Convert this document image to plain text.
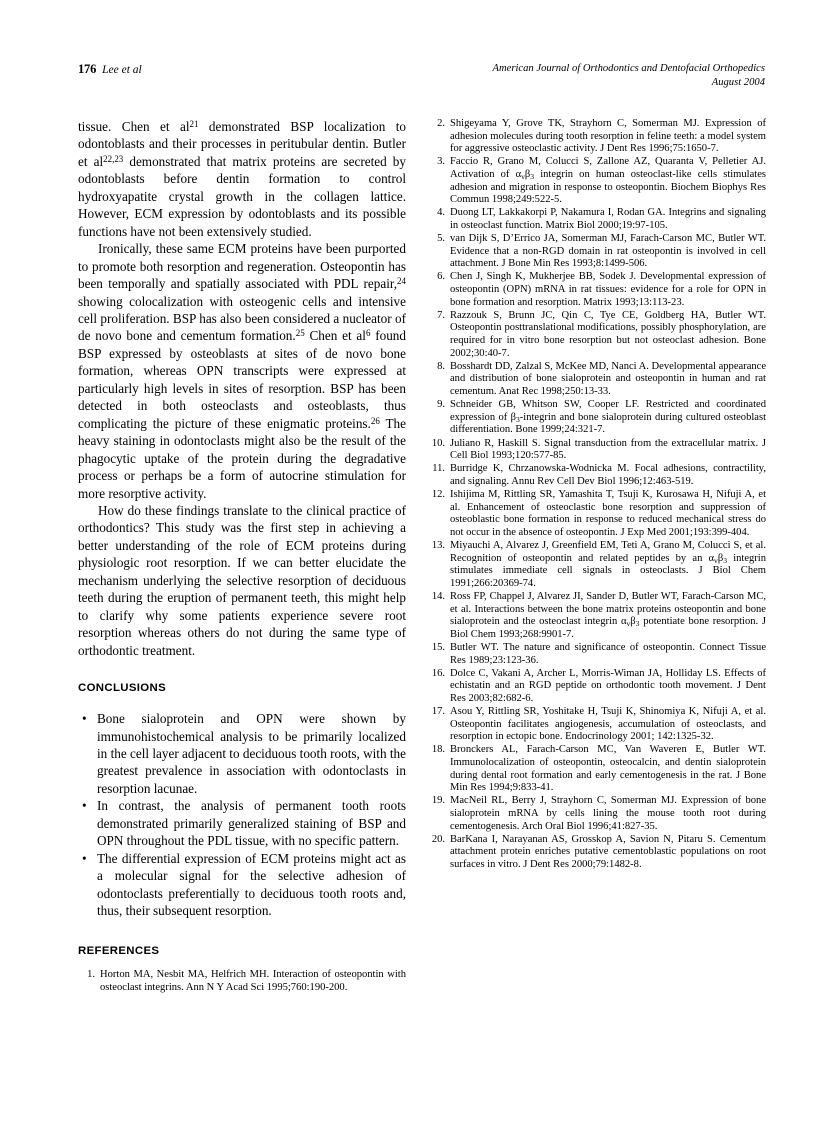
176 Lee et al	American Journal of Orthodontics and Dentofacial Orthopedics
August 2004

tissue. Chen et $al^{21}$ demonstrated BSP localization to odontoblasts and their processes in peritubular dentin. Butler et al$^{22,23}$ demonstrated that matrix proteins are secreted by odontoblasts before dentin formation to control hydroxyapatite crystal growth in the collagen lattice. However, ECM expression by odontoblasts and its possible functions have not been extensively studied.

Ironically, these same ECM proteins have been purported to promote both resorption and regeneration. Osteopontin has been temporally and spatially associated with PDL repair,$^{24}$ showing colocalization with osteogenic cells and intensive cell proliferation. BSP has also been considered a nucleator of de novo bone and cementum formation.$^{25}$ Chen et $al^6$ found BSP expressed by osteoblasts at sites of de novo bone formation, whereas OPN transcripts were expressed at particularly high levels in sites of resorption. BSP has been detected in both osteoclasts and osteoblasts, thus complicating the picture of these enigmatic proteins.$^{26}$ The heavy staining in odontoclasts might also be the result of the phagocytic uptake of the protein during the degradative process or perhaps be a form of autocrine stimulation for more resorptive activity.

How do these findings translate to the clinical practice of orthodontics? This study was the first step in achieving a better understanding of the role of ECM proteins during physiologic root resorption. If we can better elucidate the mechanism underlying the selective resorption of deciduous teeth during the eruption of permanent teeth, this might help to clarify why some patients experience severe root resorption whereas others do not during the same type of orthodontic treatment.

CONCLUSIONS
• Bone sialoprotein and OPN were shown by immunohistochemical analysis to be primarily localized in the cell layer adjacent to deciduous tooth roots, with the greatest prevalence in association with odontoclasts in resorption lacunae.
• In contrast, the analysis of permanent tooth roots demonstrated primarily generalized staining of BSP and OPN throughout the PDL tissue, with no specific pattern.
• The differential expression of ECM proteins might act as a molecular signal for the selective adhesion of odontoclasts preferentially to deciduous tooth roots and, thus, their subsequent resorption.
REFERENCES
1. Horton MA, Nesbit MA, Helfrich MH. Interaction of osteopontin with osteoclast integrins. Ann N Y Acad Sci 1995;760:190-200.
2. Shigeyama Y, Grove TK, Strayhorn C, Somerman MJ. Expression of adhesion molecules during tooth resorption in feline teeth: a model system for aggressive osteoclastic activity. J Dent Res 1996;75:1650-7.
3. Faccio R, Grano M, Colucci S, Zallone AZ, Quaranta V, Pelletier AJ. Activation of $\alpha_v\beta_3$ integrin on human osteoclast-like cells stimulates adhesion and migration in response to osteopontin. Biochem Biophys Res Commun 1998;249:522-5.
4. Duong LT, Lakkakorpi P, Nakamura I, Rodan GA. Integrins and signaling in osteoclast function. Matrix Biol 2000;19:97-105.
5. van Dijk S, D’Errico JA, Somerman MJ, Farach-Carson MC, Butler WT. Evidence that a non-RGD domain in rat osteopontin is involved in cell attachment. J Bone Min Res 1993;8:1499-506.
6. Chen J, Singh K, Mukherjee BB, Sodek J. Developmental expression of osteopontin (OPN) mRNA in rat tissues: evidence for a role for OPN in bone formation and resorption. Matrix 1993;13:113-23.
7. Razzouk S, Brunn JC, Qin C, Tye CE, Goldberg HA, Butler WT. Osteopontin posttranslational modifications, possibly phosphorylation, are required for in vitro bone resorption but not osteoclast adhesion. Bone 2002;30:40-7.
8. Bosshardt DD, Zalzal S, McKee MD, Nanci A. Developmental appearance and distribution of bone sialoprotein and osteopontin in human and rat cementum. Anat Rec 1998;250:13-33.
9. Schneider GB, Whitson SW, Cooper LF. Restricted and coordinated expression of $\beta_3$-integrin and bone sialoprotein during cultured osteoblast differentiation. Bone 1999;24:321-7.
10. Juliano R, Haskill S. Signal transduction from the extracellular matrix. J Cell Biol 1993;120:577-85.
11. Burridge K, Chrzanowska-Wodnicka M. Focal adhesions, contractility, and signaling. Annu Rev Cell Dev Biol 1996;12:463-519.
12. Ishijima M, Rittling SR, Yamashita T, Tsuji K, Kurosawa H, Nifuji A, et al. Enhancement of osteoclastic bone resorption and suppression of osteoblastic bone formation in response to reduced mechanical stress do not occur in the absence of osteopontin. J Exp Med 2001;193:399-404.
13. Miyauchi A, Alvarez J, Greenfield EM, Teti A, Grano M, Colucci S, et al. Recognition of osteopontin and related peptides by an $\alpha_v\beta_3$ integrin stimulates immediate cell signals in osteoclasts. J Biol Chem 1991;266:20369-74.
14. Ross FP, Chappel J, Alvarez JI, Sander D, Butler WT, Farach-Carson MC, et al. Interactions between the bone matrix proteins osteopontin and bone sialoprotein and the osteoclast integrin $\alpha_v\beta_3$ potentiate bone resorption. J Biol Chem 1993;268:9901-7.
15. Butler WT. The nature and significance of osteopontin. Connect Tissue Res 1989;23:123-36.
16. Dolce C, Vakani A, Archer L, Morris-Wiman JA, Holliday LS. Effects of echistatin and an RGD peptide on orthodontic tooth movement. J Dent Res 2003;82:682-6.
17. Asou Y, Rittling SR, Yoshitake H, Tsuji K, Shinomiya K, Nifuji A, et al. Osteopontin facilitates angiogenesis, accumulation of osteoclasts, and resorption in ectopic bone. Endocrinology 2001; 142:1325-32.
18. Bronckers AL, Farach-Carson MC, Van Waveren E, Butler WT. Immunolocalization of osteopontin, osteocalcin, and dentin sialoprotein during dental root formation and early cementogenesis in the rat. J Bone Min Res 1994;9:833-41.
19. MacNeil RL, Berry J, Strayhorn C, Somerman MJ. Expression of bone sialoprotein mRNA by cells lining the mouse tooth root during cementogenesis. Arch Oral Biol 1996;41:827-35.
20. BarKana I, Narayanan AS, Grosskop A, Savion N, Pitaru S. Cementum attachment protein enriches putative cementoblastic populations on root surfaces in vitro. J Dent Res 2000;79:1482-8.
